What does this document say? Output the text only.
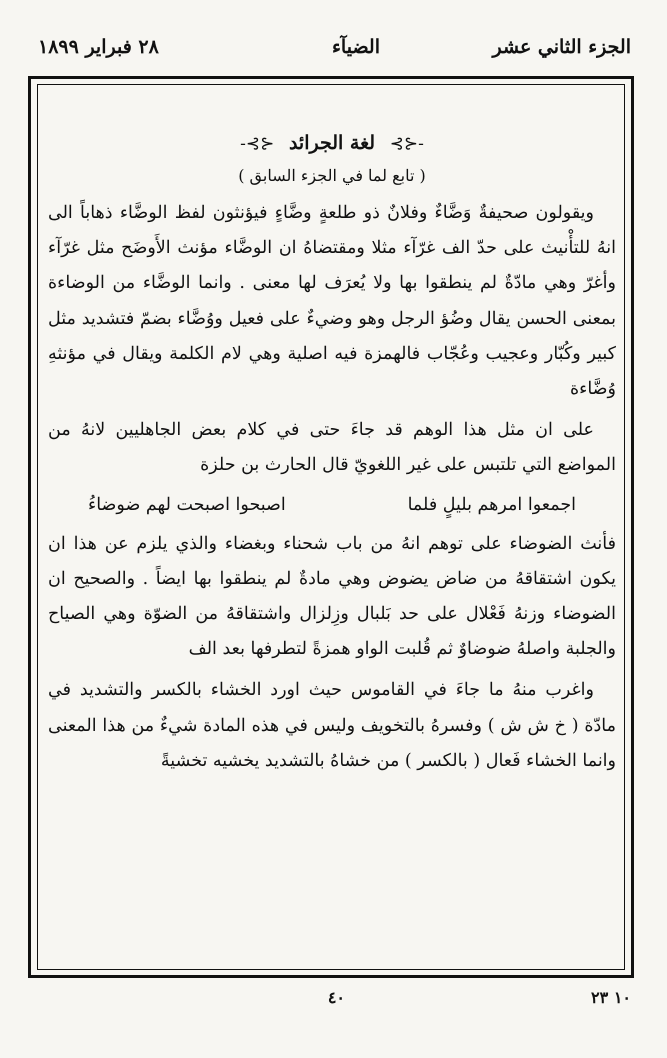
الجزء الثاني عشر
الضيآء
٢٨ فبراير ١٨٩٩
-⊰⊱ لغة الجرائد ⊰⊱-
( تابع لما في الجزء السابق )

ويقولون صحيفةٌ وَضَّاءٌ وفلانٌ ذو طلعةٍ وضَّاءٍ فيؤنثون لفظ الوضَّاء ذهاباً الى انهُ للتأْنيث على حدّ الف غرّآء مثلا ومقتضاهُ ان الوضَّاء مؤنث الأَوضَح مثل غرّآء وأغرّ وهي مادّةٌ لم ينطقوا بها ولا يُعرَف لها معنى . وانما الوضَّاء من الوضاءة بمعنى الحسن يقال وضُؤ الرجل وهو وضيءٌ على فعيل ووُضَّاء بضمّ فتشديد مثل كبير وكُبّار وعجيب وعُجّاب فالهمزة فيه اصلية وهي لام الكلمة ويقال في مؤنثهِ وُضَّاءة

على ان مثل هذا الوهم قد جاءَ حتى في كلام بعض الجاهليين لانهُ من المواضع التي تلتبس على غير اللغويّ قال الحارث بن حلزة

اجمعوا امرهم بليلٍ فلما
اصبحوا اصبحت لهم ضوضاءُ

فأنث الضوضاء على توهم انهُ من باب شحناء وبغضاء والذي يلزم عن هذا ان يكون اشتقاقهُ من ضاض يضوض وهي مادةٌ لم ينطقوا بها ايضاً . والصحيح ان الضوضاء وزنهُ فَعْلال على حد بَلبال وزِلزال واشتقاقهُ من الضوّة وهي الصياح والجلبة واصلهُ ضوضاوٌ ثم قُلبت الواو همزةً لتطرفها بعد الف

واغرب منهُ ما جاءَ في القاموس حيث اورد الخشاء بالكسر والتشديد في مادّة ( خ ش ش ) وفسرهُ بالتخويف وليس في هذه المادة شيءٌ من هذا المعنى وانما الخشاء فَعال ( بالكسر ) من خشاهُ بالتشديد يخشيه تخشيةً

١٠ ٢٣
٤٠
